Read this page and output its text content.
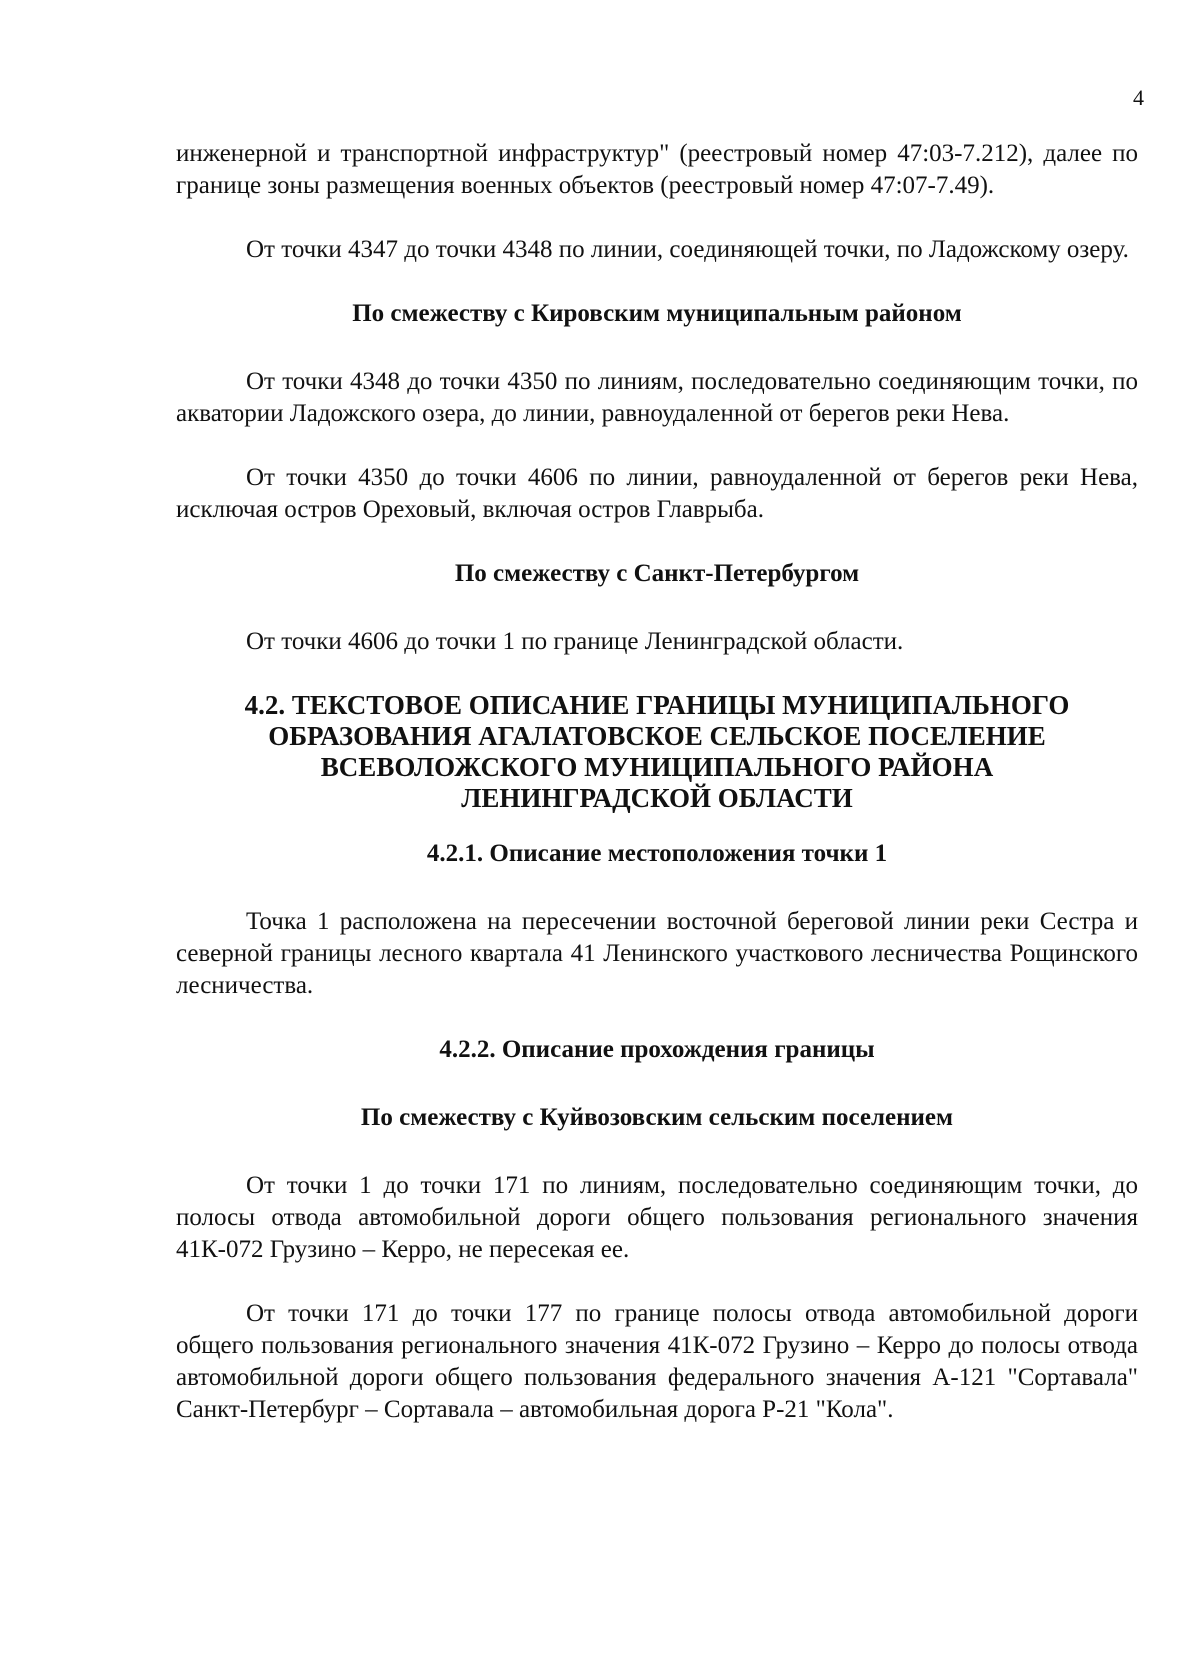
4

инженерной и транспортной инфраструктур" (реестровый номер 47:03-7.212), далее по границе зоны размещения военных объектов (реестровый номер 47:07-7.49).

От точки 4347 до точки 4348 по линии, соединяющей точки, по Ладожскому озеру.

По смежеству с Кировским муниципальным районом

От точки 4348 до точки 4350 по линиям, последовательно соединяющим точки, по акватории Ладожского озера, до линии, равноудаленной от берегов реки Нева.

От точки 4350 до точки 4606 по линии, равноудаленной от берегов реки Нева, исключая остров Ореховый, включая остров Главрыба.

По смежеству с Санкт-Петербургом

От точки 4606 до точки 1 по границе Ленинградской области.

4.2. ТЕКСТОВОЕ ОПИСАНИЕ ГРАНИЦЫ МУНИЦИПАЛЬНОГО
ОБРАЗОВАНИЯ АГАЛАТОВСКОЕ СЕЛЬСКОЕ ПОСЕЛЕНИЕ
ВСЕВОЛОЖСКОГО МУНИЦИПАЛЬНОГО РАЙОНА
ЛЕНИНГРАДСКОЙ ОБЛАСТИ
4.2.1. Описание местоположения точки 1

Точка 1 расположена на пересечении восточной береговой линии реки Сестра и северной границы лесного квартала 41 Ленинского участкового лесничества Рощинского лесничества.

4.2.2. Описание прохождения границы
По смежеству с Куйвозовским сельским поселением

От точки 1 до точки 171 по линиям, последовательно соединяющим точки, до полосы отвода автомобильной дороги общего пользования регионального значения 41К-072 Грузино – Керро, не пересекая ее.

От точки 171 до точки 177 по границе полосы отвода автомобильной дороги общего пользования регионального значения 41К-072 Грузино – Керро до полосы отвода автомобильной дороги общего пользования федерального значения А-121 "Сортавала" Санкт-Петербург – Сортавала – автомобильная дорога Р-21 "Кола".
